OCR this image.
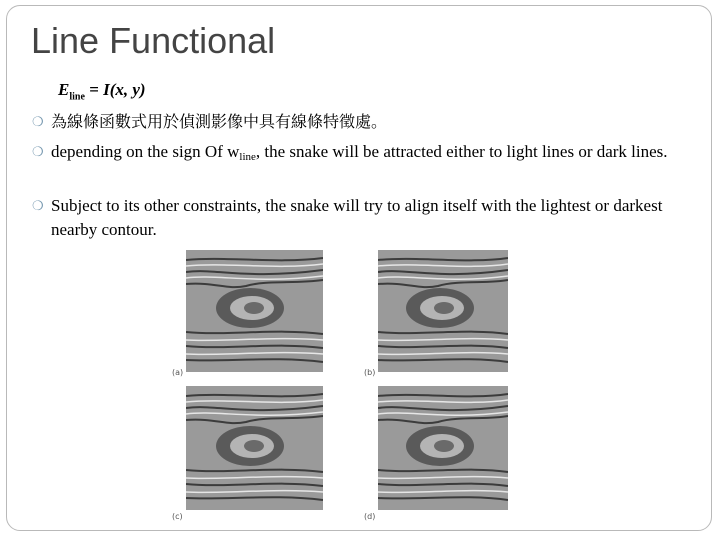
Line Functional
$E_{line} = I(x$, y)
❍ 為線條函數式用於偵測影像中具有線條特徵處。
❍ depending on the sign Of wline, the snake will be attracted either to light lines or dark lines.
❍ Subject to its other constraints, the snake will try to align itself with the lightest or darkest nearby contour.
(a)	(b)
(c)	(d)
